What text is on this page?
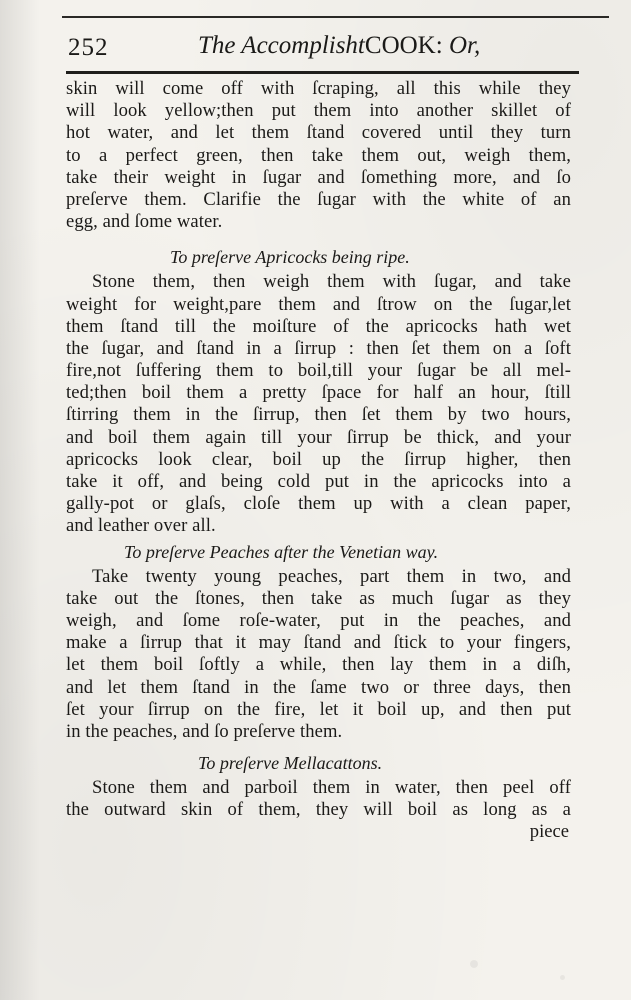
252	The AccomplishtCOOK: Or,
skin will come off with ſcraping, all this while they
will look yellow;then put them into another skillet of
hot water, and let them ſtand covered until they turn
to a perfect green, then take them out, weigh them,
take their weight in ſugar and ſomething more, and ſo
preſerve them. Clarifie the ſugar with the white of an
egg, and ſome water.
To preſerve Apricocks being ripe.
Stone them, then weigh them with ſugar, and take
weight for weight,pare them and ſtrow on the ſugar,let
them ſtand till the moiſture of the apricocks hath wet
the ſugar, and ſtand in a ſirrup : then ſet them on a ſoft
fire,not ſuffering them to boil,till your ſugar be all mel-
ted;then boil them a pretty ſpace for half an hour, ſtill
ſtirring them in the ſirrup, then ſet them by two hours,
and boil them again till your ſirrup be thick, and your
apricocks look clear, boil up the ſirrup higher, then
take it off, and being cold put in the apricocks into a
gally-pot or glaſs, cloſe them up with a clean paper,
and leather over all.
To preſerve Peaches after the Venetian way.
Take twenty young peaches, part them in two, and
take out the ſtones, then take as much ſugar as they
weigh, and ſome roſe-water, put in the peaches, and
make a ſirrup that it may ſtand and ſtick to your fingers,
let them boil ſoftly a while, then lay them in a diſh,
and let them ſtand in the ſame two or three days, then
ſet your ſirrup on the fire, let it boil up, and then put
in the peaches, and ſo preſerve them.
To preſerve Mellacattons.
Stone them and parboil them in water, then peel off
the outward skin of them, they will boil as long as a
piece
